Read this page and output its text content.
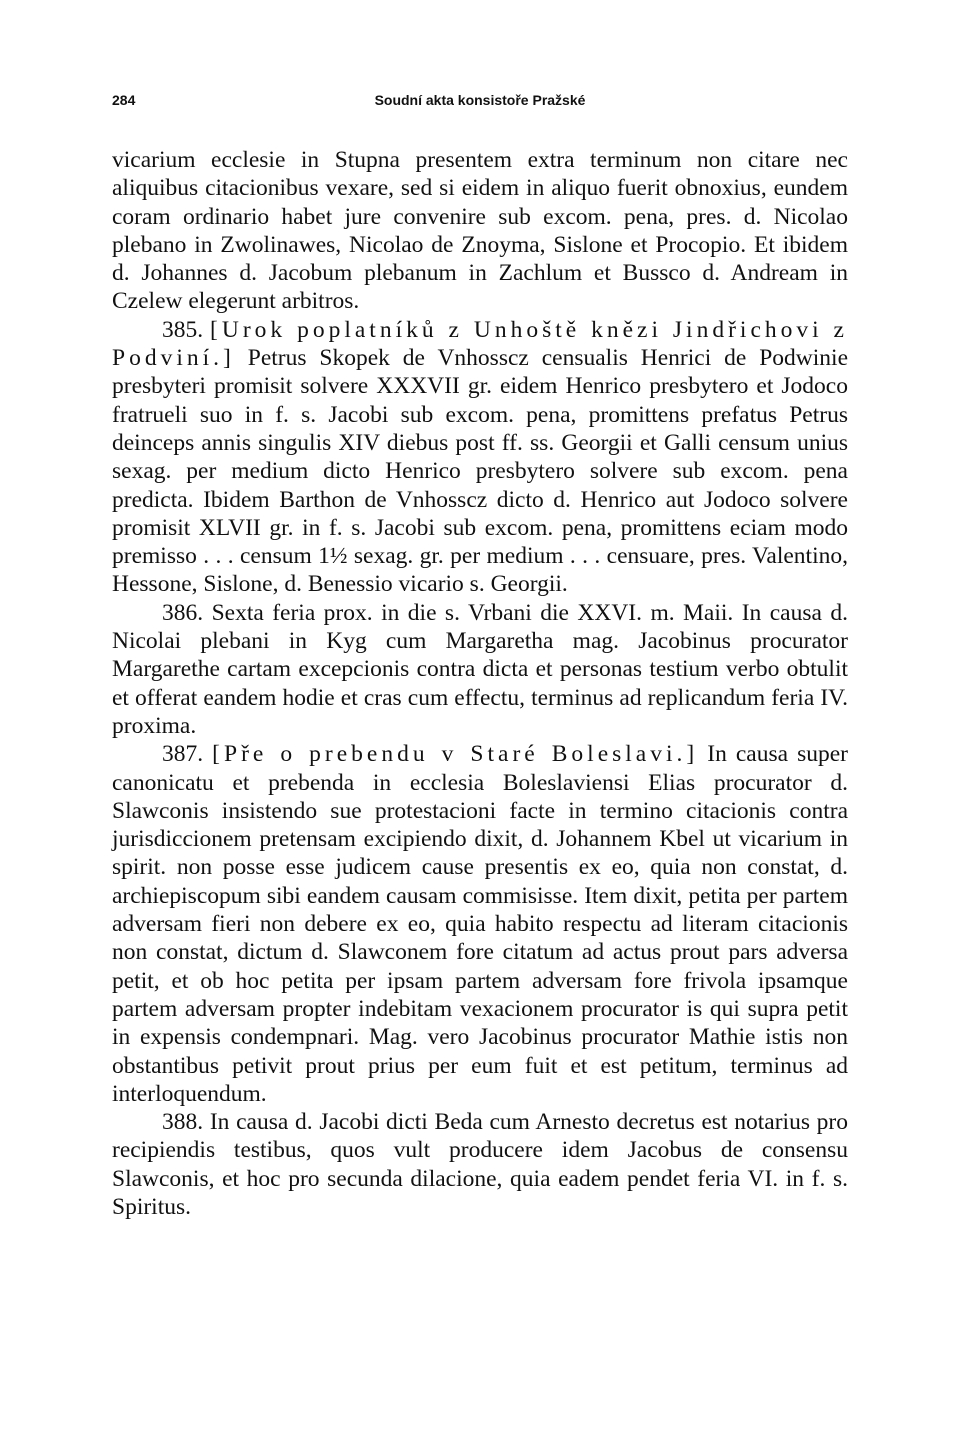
284	Soudní akta konsistoře Pražské

vicarium ecclesie in Stupna presentem extra terminum non citare nec aliquibus citacionibus vexare, sed si eidem in aliquo fuerit obnoxius, eundem coram ordinario habet jure convenire sub excom. pena, pres. d. Nicolao plebano in Zwolinawes, Nicolao de Znoyma, Sislone et Procopio. Et ibidem d. Johannes d. Jacobum plebanum in Zachlum et Bussco d. Andream in Czelew elegerunt arbitros.

385. [Urok poplatníků z Unhoště knězi Jindřichovi z Podviní.] Petrus Skopek de Vnhosscz censualis Henrici de Podwinie presbyteri promisit solvere XXXVII gr. eidem Henrico presbytero et Jodoco fratrueli suo in f. s. Jacobi sub excom. pena, promittens prefatus Petrus deinceps annis singulis XIV diebus post ff. ss. Georgii et Galli censum unius sexag. per medium dicto Henrico presbytero solvere sub excom. pena predicta. Ibidem Barthon de Vnhosscz dicto d. Henrico aut Jodoco solvere promisit XLVII gr. in f. s. Jacobi sub excom. pena, promittens eciam modo premisso . . . censum 1½ sexag. gr. per medium . . . censuare, pres. Valentino, Hessone, Sislone, d. Benessio vicario s. Georgii.

386. Sexta feria prox. in die s. Vrbani die XXVI. m. Maii. In causa d. Nicolai plebani in Kyg cum Margaretha mag. Jacobinus procurator Margarethe cartam excepcionis contra dicta et personas testium verbo obtulit et offerat eandem hodie et cras cum effectu, terminus ad replicandum feria IV. proxima.

387. [Pře o prebendu v Staré Boleslavi.] In causa super canonicatu et prebenda in ecclesia Boleslaviensi Elias procurator d. Slawconis insistendo sue protestacioni facte in termino citacionis contra jurisdiccionem pretensam excipiendo dixit, d. Johannem Kbel ut vicarium in spirit. non posse esse judicem cause presentis ex eo, quia non constat, d. archiepiscopum sibi eandem causam commisisse. Item dixit, petita per partem adversam fieri non debere ex eo, quia habito respectu ad literam citacionis non constat, dictum d. Slawconem fore citatum ad actus prout pars adversa petit, et ob hoc petita per ipsam partem adversam fore frivola ipsamque partem adversam propter indebitam vexacionem procurator is qui supra petit in expensis condempnari. Mag. vero Jacobinus procurator Mathie istis non obstantibus petivit prout prius per eum fuit et est petitum, terminus ad interloquendum.

388. In causa d. Jacobi dicti Beda cum Arnesto decretus est notarius pro recipiendis testibus, quos vult producere idem Jacobus de consensu Slawconis, et hoc pro secunda dilacione, quia eadem pendet feria VI. in f. s. Spiritus.
